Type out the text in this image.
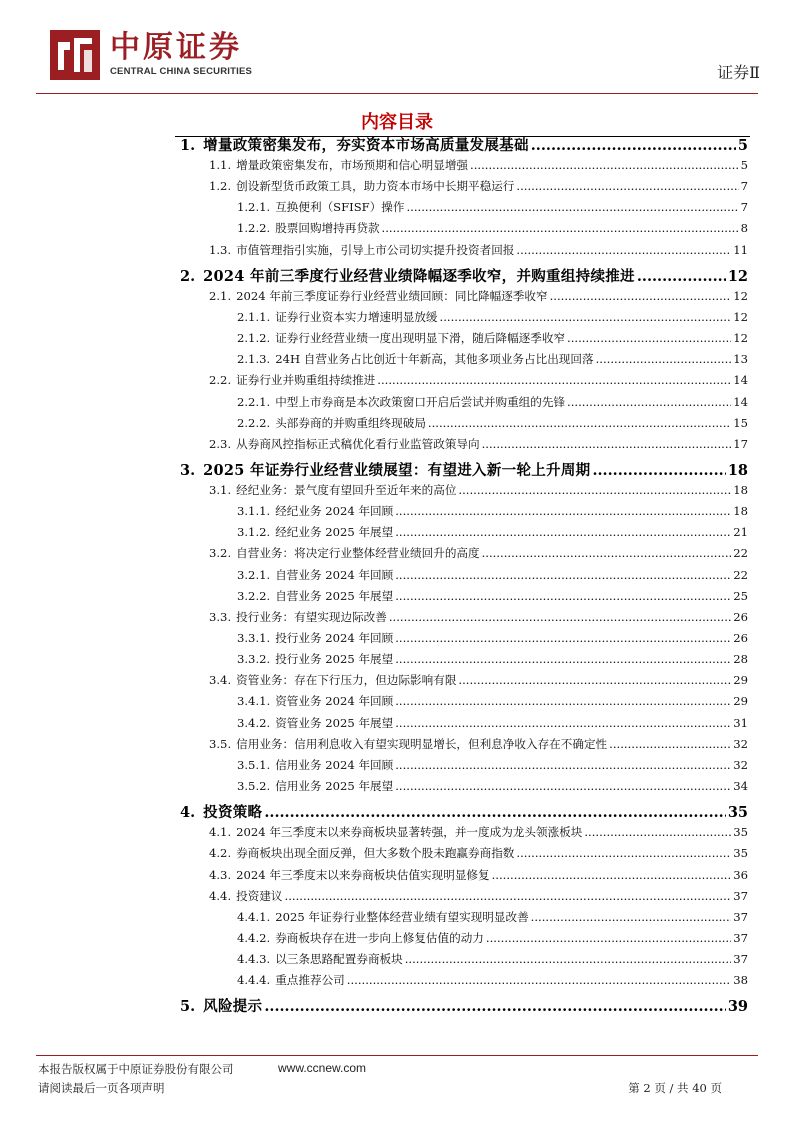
中原证券
CENTRAL CHINA SECURITIES	证券Ⅱ
内容目录
1. 增量政策密集发布，夯实资本市场高质量发展基础 .....	5
1.1. 增量政策密集发布，市场预期和信心明显增强 .....	5
1.2. 创设新型货币政策工具，助力资本市场中长期平稳运行 .....	7
1.2.1. 互换便利（SFISF）操作 .....	7
1.2.2. 股票回购增持再贷款 .....	8
1.3. 市值管理指引实施，引导上市公司切实提升投资者回报 .....	11
2. 2024 年前三季度行业经营业绩降幅逐季收窄，并购重组持续推进 .....	12
2.1. 2024 年前三季度证券行业经营业绩回顾：同比降幅逐季收窄 .....	12
2.1.1. 证券行业资本实力增速明显放缓 .....	12
2.1.2. 证券行业经营业绩一度出现明显下滑，随后降幅逐季收窄 .....	12
2.1.3. 24H 自营业务占比创近十年新高，其他多项业务占比出现回落 .....	13
2.2. 证券行业并购重组持续推进 .....	14
2.2.1. 中型上市券商是本次政策窗口开启后尝试并购重组的先锋 .....	14
2.2.2. 头部券商的并购重组终现破局 .....	15
2.3. 从券商风控指标正式稿优化看行业监管政策导向 .....	17
3. 2025 年证券行业经营业绩展望：有望进入新一轮上升周期 .....	18
3.1. 经纪业务：景气度有望回升至近年来的高位 .....	18
3.1.1. 经纪业务 2024 年回顾 .....	18
3.1.2. 经纪业务 2025 年展望 .....	21
3.2. 自营业务：将决定行业整体经营业绩回升的高度 .....	22
3.2.1. 自营业务 2024 年回顾 .....	22
3.2.2. 自营业务 2025 年展望 .....	25
3.3. 投行业务：有望实现边际改善 .....	26
3.3.1. 投行业务 2024 年回顾 .....	26
3.3.2. 投行业务 2025 年展望 .....	28
3.4. 资管业务：存在下行压力，但边际影响有限 .....	29
3.4.1. 资管业务 2024 年回顾 .....	29
3.4.2. 资管业务 2025 年展望 .....	31
3.5. 信用业务：信用利息收入有望实现明显增长，但利息净收入存在不确定性 .....	32
3.5.1. 信用业务 2024 年回顾 .....	32
3.5.2. 信用业务 2025 年展望 .....	34
4. 投资策略 .....	35
4.1. 2024 年三季度末以来券商板块显著转强，并一度成为龙头领涨板块 .....	35
4.2. 券商板块出现全面反弹，但大多数个股未跑赢券商指数 .....	35
4.3. 2024 年三季度末以来券商板块估值实现明显修复 .....	36
4.4. 投资建议 .....	37
4.4.1. 2025 年证券行业整体经营业绩有望实现明显改善 .....	37
4.4.2. 券商板块存在进一步向上修复估值的动力 .....	37
4.4.3. 以三条思路配置券商板块 .....	37
4.4.4. 重点推荐公司 .....	38
5. 风险提示 .....	39
本报告版权属于中原证券股份有限公司	www.ccnew.com
请阅读最后一页各项声明	第 2 页 / 共 40 页
